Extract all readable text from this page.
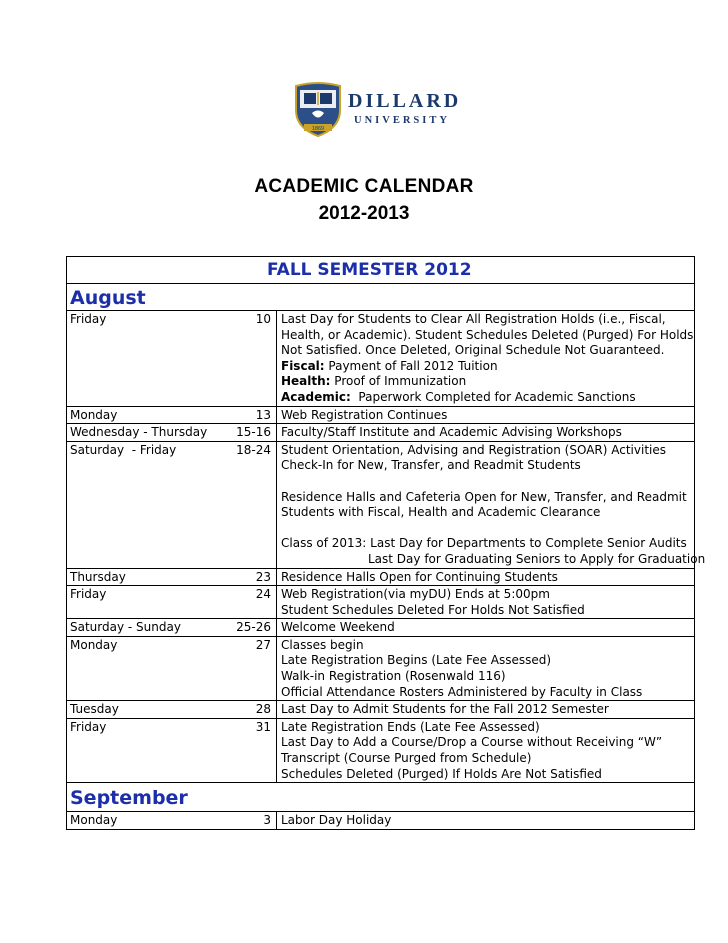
1869
DILLARD
UNIVERSITY
ACADEMIC CALENDAR
2012-2013
FALL SEMESTER 2012
August
Friday	10 Last Day for Students to Clear All Registration Holds (i.e., Fiscal,
Health, or Academic). Student Schedules Deleted (Purged) For Holds
Not Satisfied. Once Deleted, Original Schedule Not Guaranteed.
Fiscal: Payment of Fall 2012 Tuition
Health: Proof of Immunization
Academic:  Paperwork Completed for Academic Sanctions
Monday	13 Web Registration Continues
Wednesday - Thursday	15-16 Faculty/Staff Institute and Academic Advising Workshops
Saturday  - Friday	18-24 Student Orientation, Advising and Registration (SOAR) Activities
Check-In for New, Transfer, and Readmit Students
Residence Halls and Cafeteria Open for New, Transfer, and Readmit
Students with Fiscal, Health and Academic Clearance
Class of 2013: Last Day for Departments to Complete Senior Audits
Last Day for Graduating Seniors to Apply for Graduation
Thursday	23 Residence Halls Open for Continuing Students
Friday	24 Web Registration(via myDU) Ends at 5:00pm
Student Schedules Deleted For Holds Not Satisfied
Saturday - Sunday	25-26 Welcome Weekend
Monday	27 Classes begin
Late Registration Begins (Late Fee Assessed)
Walk-in Registration (Rosenwald 116)
Official Attendance Rosters Administered by Faculty in Class
Tuesday	28 Last Day to Admit Students for the Fall 2012 Semester
Friday	31 Late Registration Ends (Late Fee Assessed)
Last Day to Add a Course/Drop a Course without Receiving “W”
Transcript (Course Purged from Schedule)
Schedules Deleted (Purged) If Holds Are Not Satisfied
September
Monday	3 Labor Day Holiday
